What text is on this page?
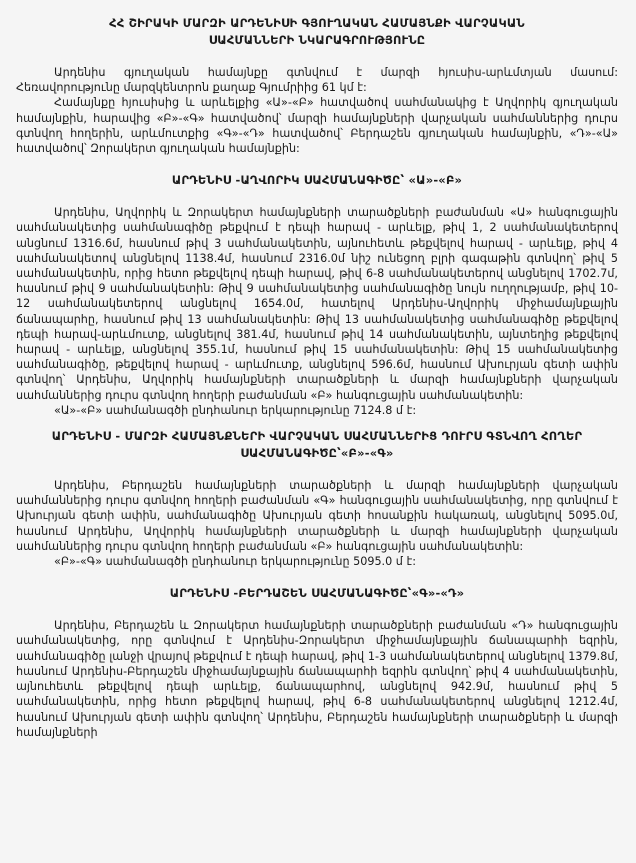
ՀՀ ՇԻՐԱԿԻ ՄԱՐԶԻ ԱՐԴԵՆԻՍԻ ԳՅՈՒՂԱԿԱՆ ՀԱՄԱՅՆՔԻ ՎԱՐՉԱԿԱՆ
ՍԱՀՄԱՆՆԵՐԻ ՆԿԱՐԱԳՐՈՒԹՅՈՒՆԸ

Արդենիս գյուղական համայնքը գտնվում է մարզի հյուսիս-արևմտյան մասում: Հեռավորությունը մարզկենտրոն քաղաք Գյումրիից 61 կմ է:

Համայնքը հյուսիսից և արևելքից «Ա»-«Բ» հատվածով սահմանակից է Աղվորիկ գյուղական համայնքին, հարավից «Բ»-«Գ» հատվածով՝ մարզի համայնքների վարչական սահմաններից դուրս գտնվող հողերին, արևմուտքից «Գ»-«Դ» հատվածով՝ Բերդաշեն գյուղական համայնքին, «Դ»-«Ա» հատվածով՝ Զորակերտ գյուղական համայնքին:

ԱՐԴԵՆԻՍ -ԱՂՎՈՐԻԿ ՍԱՀՄԱՆԱԳԻԾԸ՝ «Ա»-«Բ»

Արդենիս, Աղվորիկ և Զորակերտ համայնքների տարածքների բաժանման «Ա» հանգուցային սահմանակետից սահմանագիծը թեքվում է դեպի հարավ - արևելք, թիվ 1, 2 սահմանակետերով անցնում 1316.6մ, հասնում թիվ 3 սահմանակետին, այնուհետև թեքվելով հարավ - արևելք, թիվ 4 սահմանակետով անցնելով 1138.4մ, հասնում 2316.0մ նիշ ունեցող բլրի գագաթին գտնվող՝ թիվ 5 սահմանակետին, որից հետո թեքվելով դեպի հարավ, թիվ 6-8 սահմանակետերով անցնելով 1702.7մ, հասնում թիվ 9 սահմանակետին: Թիվ 9 սահմանակետից սահմանագիծը նույն ուղղությամբ, թիվ 10-12 սահմանակետերով անցնելով 1654.0մ, հատելով Արդենիս-Աղվորիկ միջհամայնքային ճանապարհը, հասնում թիվ 13 սահմանակետին: Թիվ 13 սահմանակետից սահմանագիծը թեքվելով դեպի հարավ-արևմուտք, անցնելով 381.4մ, հասնում թիվ 14 սահմանակետին, այնտեղից թեքվելով հարավ - արևելք, անցնելով 355.1մ, հասնում թիվ 15 սահմանակետին: Թիվ 15 սահմանակետից սահմանագիծը, թեքվելով հարավ - արևմուտք, անցնելով 596.6մ, հասնում Ախուրյան գետի ափին գտնվող՝ Արդենիս, Աղվորիկ համայնքների տարածքների և մարզի համայնքների վարչական սահմաններից դուրս գտնվող հողերի բաժանման «Բ» հանգուցային սահմանակետին:

«Ա»-«Բ» սահմանագծի ընդհանուր երկարությունը 7124.8 մ է:

ԱՐԴԵՆԻՍ - ՄԱՐԶԻ ՀԱՄԱՅՆՔՆԵՐԻ ՎԱՐՉԱԿԱՆ ՍԱՀՄԱՆՆԵՐԻՑ ԴՈՒՐՍ ԳՏՆՎՈՂ ՀՈՂԵՐ
ՍԱՀՄԱՆԱԳԻԾԸ՝«Բ»-«Գ»

Արդենիս, Բերդաշեն համայնքների տարածքների և մարզի համայնքների վարչական սահմաններից դուրս գտնվող հողերի բաժանման «Գ» հանգուցային սահմանակետից, որը գտնվում է Ախուրյան գետի ափին, սահմանագիծը Ախուրյան գետի հոսանքին հակառակ, անցնելով 5095.0մ, հասնում Արդենիս, Աղվորիկ համայնքների տարածքների և մարզի համայնքների վարչական սահմաններից դուրս գտնվող հողերի բաժանման «Բ» հանգուցային սահմանակետին:

«Բ»-«Գ» սահմանագծի ընդհանուր երկարությունը 5095.0 մ է:

ԱՐԴԵՆԻՍ -ԲԵՐԴԱՇԵՆ ՍԱՀՄԱՆԱԳԻԾԸ՝«Գ»-«Դ»

Արդենիս, Բերդաշեն և Զորակերտ համայնքների տարածքների բաժանման «Դ» հանգուցային սահմանակետից, որը գտնվում է Արդենիս-Զորակերտ միջհամայնքային ճանապարհի եզրին, սահմանագիծը լանջի վրայով թեքվում է դեպի հարավ, թիվ 1-3 սահմանակետերով անցնելով 1379.8մ, հասնում Արդենիս-Բերդաշեն միջհամայնքային ճանապարհի եզրին գտնվող՝ թիվ 4 սահմանակետին, այնուհետև թեքվելով դեպի արևելք, ճանապարհով, անցնելով 942.9մ, հասնում թիվ 5 սահմանակետին, որից հետո թեքվելով հարավ, թիվ 6-8 սահմանակետերով անցնելով 1212.4մ, հասնում Ախուրյան գետի ափին գտնվող՝ Արդենիս, Բերդաշեն համայնքների տարածքների և մարզի համայնքների
